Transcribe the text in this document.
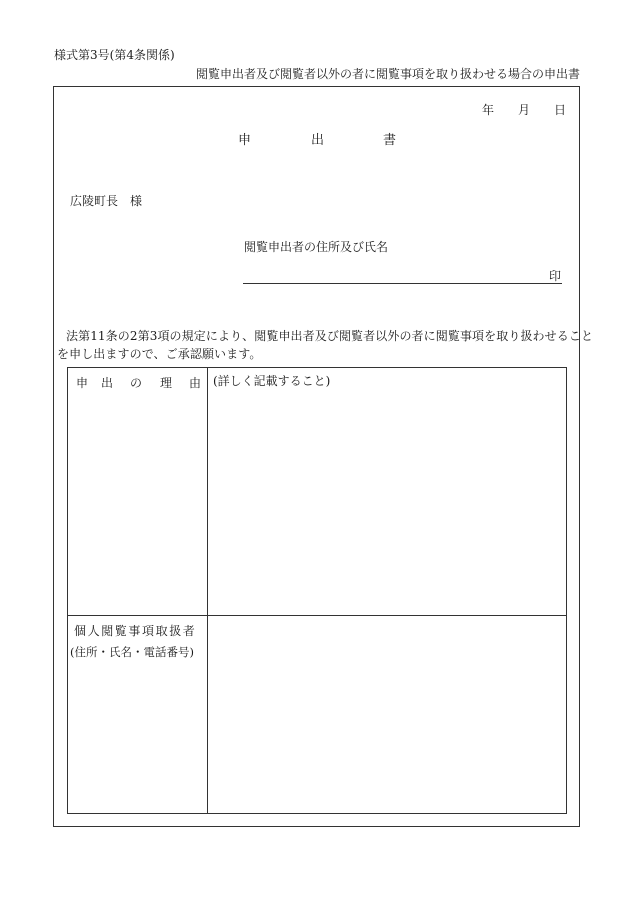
様式第3号(第4条関係)
閲覧申出者及び閲覧者以外の者に閲覧事項を取り扱わせる場合の申出書
年 月 日
申	出	書
広陵町長　様
閲覧申出者の住所及び氏名
印
法第11条の2第3項の規定により、閲覧申出者及び閲覧者以外の者に閲覧事項を取り扱わせること
を申し出ますので、ご承認願います。
申 出 の 理 由 (詳しく記載すること)
個人閲覧事項取扱者
(住所・氏名・電話番号)
